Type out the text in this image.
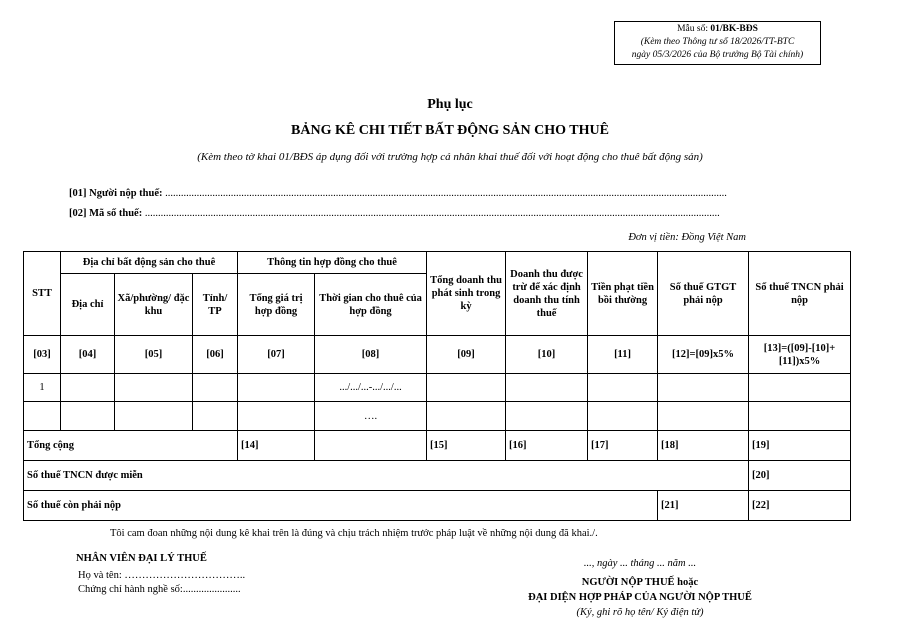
Mẫu số: 01/BK-BĐS
(Kèm theo Thông tư số 18/2026/TT-BTC
ngày 05/3/2026 của Bộ trưởng Bộ Tài chính)
Phụ lục
BẢNG KÊ CHI TIẾT BẤT ĐỘNG SẢN CHO THUÊ
(Kèm theo tờ khai 01/BĐS áp dụng đối với trường hợp cá nhân khai thuế đối với hoạt động cho thuê bất động sản)
[01] Người nộp thuế: ......................................................................................................................................................................................................................
[02] Mã số thuế: ...........................................................................................................................................................................................................................
Đơn vị tiền: Đồng Việt Nam
STT	Địa chỉ bất động sản cho thuê			Thông tin hợp đồng cho thuê		Tổng doanh thu phát sinh trong kỳ	Doanh thu được trừ để xác định doanh thu tính thuế	Tiền phạt tiền bồi thường	Số thuế GTGT phải nộp	Số thuế TNCN phải nộp
	Địa chỉ	Xã/phường/ đặc khu	Tỉnh/ TP	Tổng giá trị hợp đồng	Thời gian cho thuê của hợp đồng					
[03]	[04]	[05]	[06]	[07]	[08]	[09]	[10]	[11]	[12]=[09]x5%	[13]=([09]-[10]+[11])x5%
1					.../.../...-.../.../...					
					….					
Tổng cộng				[14]		[15]	[16]	[17]	[18]	[19]
Số thuế TNCN được miễn										[20]
Số thuế còn phải nộp									[21]	[22]
Tôi cam đoan những nội dung kê khai trên là đúng và chịu trách nhiệm trước pháp luật về những nội dung đã khai./.
NHÂN VIÊN ĐẠI LÝ THUẾ
Họ và tên: ……………………………..
Chứng chỉ hành nghề số:......................
..., ngày ... tháng ... năm ...
NGƯỜI NỘP THUẾ hoặc
ĐẠI DIỆN HỢP PHÁP CỦA NGƯỜI NỘP THUẾ
(Ký, ghi rõ họ tên/ Ký điện tử)
